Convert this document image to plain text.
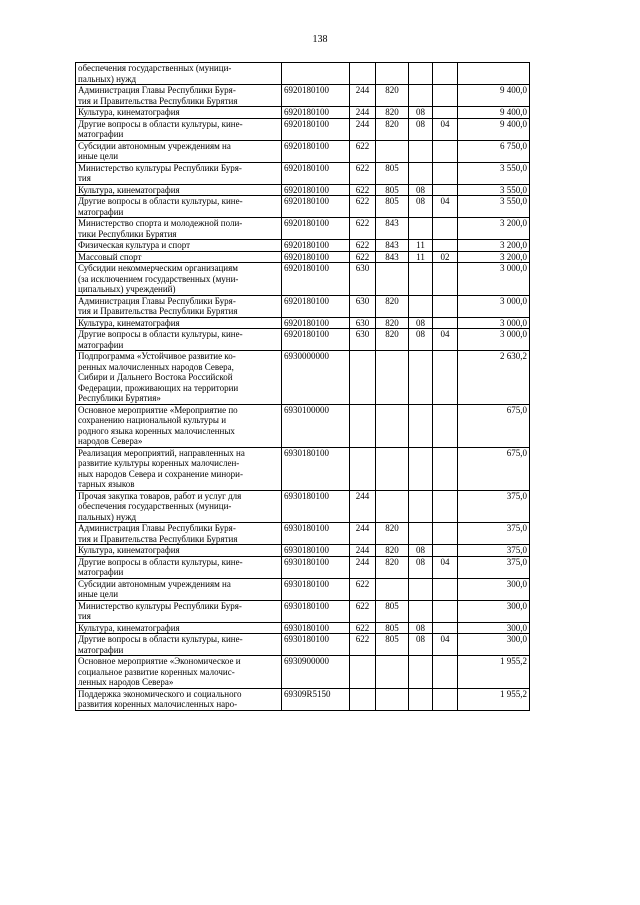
138
обеспечения государственных (муници-
пальных) нужд						
Администрация Главы Республики Буря-
тия и Правительства Республики Бурятия	6920180100	244	820			9 400,0
Культура, кинематография	6920180100	244	820	08		9 400,0
Другие вопросы в области культуры, кине-
матографии	6920180100	244	820	08	04	9 400,0
Субсидии автономным учреждениям на
иные цели	6920180100	622				6 750,0
Министерство культуры Республики Буря-
тия	6920180100	622	805			3 550,0
Культура, кинематография	6920180100	622	805	08		3 550,0
Другие вопросы в области культуры, кине-
матографии	6920180100	622	805	08	04	3 550,0
Министерство спорта и молодежной поли-
тики Республики Бурятия	6920180100	622	843			3 200,0
Физическая культура и спорт	6920180100	622	843	11		3 200,0
Массовый спорт	6920180100	622	843	11	02	3 200,0
Субсидии некоммерческим организациям
(за исключением государственных (муни-
ципальных) учреждений)	6920180100	630				3 000,0
Администрация Главы Республики Буря-
тия и Правительства Республики Бурятия	6920180100	630	820			3 000,0
Культура, кинематография	6920180100	630	820	08		3 000,0
Другие вопросы в области культуры, кине-
матографии	6920180100	630	820	08	04	3 000,0
Подпрограмма «Устойчивое развитие ко-
ренных малочисленных народов Севера,
Сибири и Дальнего Востока Российской
Федерации, проживающих на территории
Республики Бурятия»	6930000000					2 630,2
Основное мероприятие «Мероприятие по
сохранению национальной культуры и
родного языка коренных малочисленных
народов Севера»	6930100000					675,0
Реализация мероприятий, направленных на
развитие культуры коренных малочислен-
ных народов Севера и сохранение минори-
тарных языков	6930180100					675,0
Прочая закупка товаров, работ и услуг для
обеспечения государственных (муници-
пальных) нужд	6930180100	244				375,0
Администрация Главы Республики Буря-
тия и Правительства Республики Бурятия	6930180100	244	820			375,0
Культура, кинематография	6930180100	244	820	08		375,0
Другие вопросы в области культуры, кине-
матографии	6930180100	244	820	08	04	375,0
Субсидии автономным учреждениям на
иные цели	6930180100	622				300,0
Министерство культуры Республики Буря-
тия	6930180100	622	805			300,0
Культура, кинематография	6930180100	622	805	08		300,0
Другие вопросы в области культуры, кине-
матографии	6930180100	622	805	08	04	300,0
Основное мероприятие «Экономическое и
социальное развитие коренных малочис-
ленных народов Севера»	6930900000					1 955,2
Поддержка экономического и социального
развития коренных малочисленных наро-	69309R5150					1 955,2
